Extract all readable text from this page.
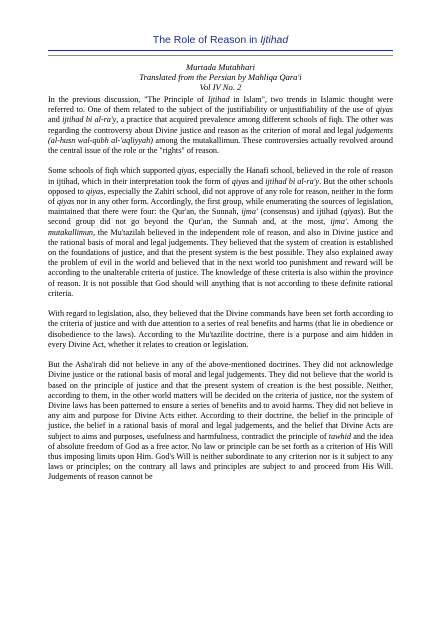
The Role of Reason in Ijtihad
Murtada Mutahhari
Translated from the Persian by Mahliqa Qara'i
Vol IV No. 2

In the previous discussion, "The Principle of Ijtihad in Islam", two trends in Islamic thought were referred to. One of them related to the subject of the justifiability or unjustifiability of the use of qiyas and ijtihad bi al-ra'y, a practice that acquired prevalence among different schools of fiqh. The other was regarding the controversy about Divine justice and reason as the criterion of moral and legal judgements (al-husn wal-qubh al-'aqliyyah) among the mutakallimun. These controversies actually revolved around the central issue of the role or the "rights" of reason.

Some schools of fiqh which supported qiyas, especially the Hanafi school, believed in the role of reason in ijtihad, which in their interpretation took the form of qiyas and ijtihad bi al-ra'y. But the other schools opposed to qiyas, especially the Zahiri school, did not approve of any role for reason, neither in the form of qiyas nor in any other form. Accordingly, the first group, while enumerating the sources of legislation, maintained that there were four: the Qur'an, the Sunnah, ijma' (consensus) and ijtihad (qiyas). But the second group did not go beyond the Qur'an, the Sunnah and, at the most, ijma'. Among the mutakallimun, the Mu'tazilah believed in the independent role of reason, and also in Divine justice and the rational basis of moral and legal judgements. They believed that the system of creation is established on the foundations of justice, and that the present system is the best possible. They also explained away the problem of evil in the world and believed that in the next world too punishment and reward will be according to the unalterable criteria of justice. The knowledge of these criteria is also within the province of reason. It is not possible that God should will anything that is not according to these definite rational criteria.

With regard to legislation, also, they believed that the Divine commands have been set forth according to the criteria of justice and with due attention to a series of real benefits and harms (that lie in obedience or disobedience to the laws). According to the Mu'tazilite doctrine, there is a purpose and aim hidden in every Divine Act, whether it relates to creation or legislation.

But the Asha'irah did not believe in any of the above-mentioned doctrines. They did not acknowledge Divine justice or the rational basis of moral and legal judgements. They did not believe that the world is based on the principle of justice and that the present system of creation is the best possible. Neither, according to them, in the other world matters will be decided on the criteria of justice, nor the system of Divine laws has been patterned to ensure a series of benefits and to avoid harms. They did not believe in any aim and purpose for Divine Acts either. According to their doctrine, the belief in the principle of justice, the belief in a rational basis of moral and legal judgements, and the belief that Divine Acts are subject to aims and purposes, usefulness and harmfulness, contradict the principle of tawhid and the idea of absolute freedom of God as a free actor. No law or principle can be set forth as a criterion of His Will thus imposing limits upon Him. God's Will is neither subordinate to any criterion nor is it subject to any laws or principles; on the contrary all laws and principles are subject to and proceed from His Will. Judgements of reason cannot be
